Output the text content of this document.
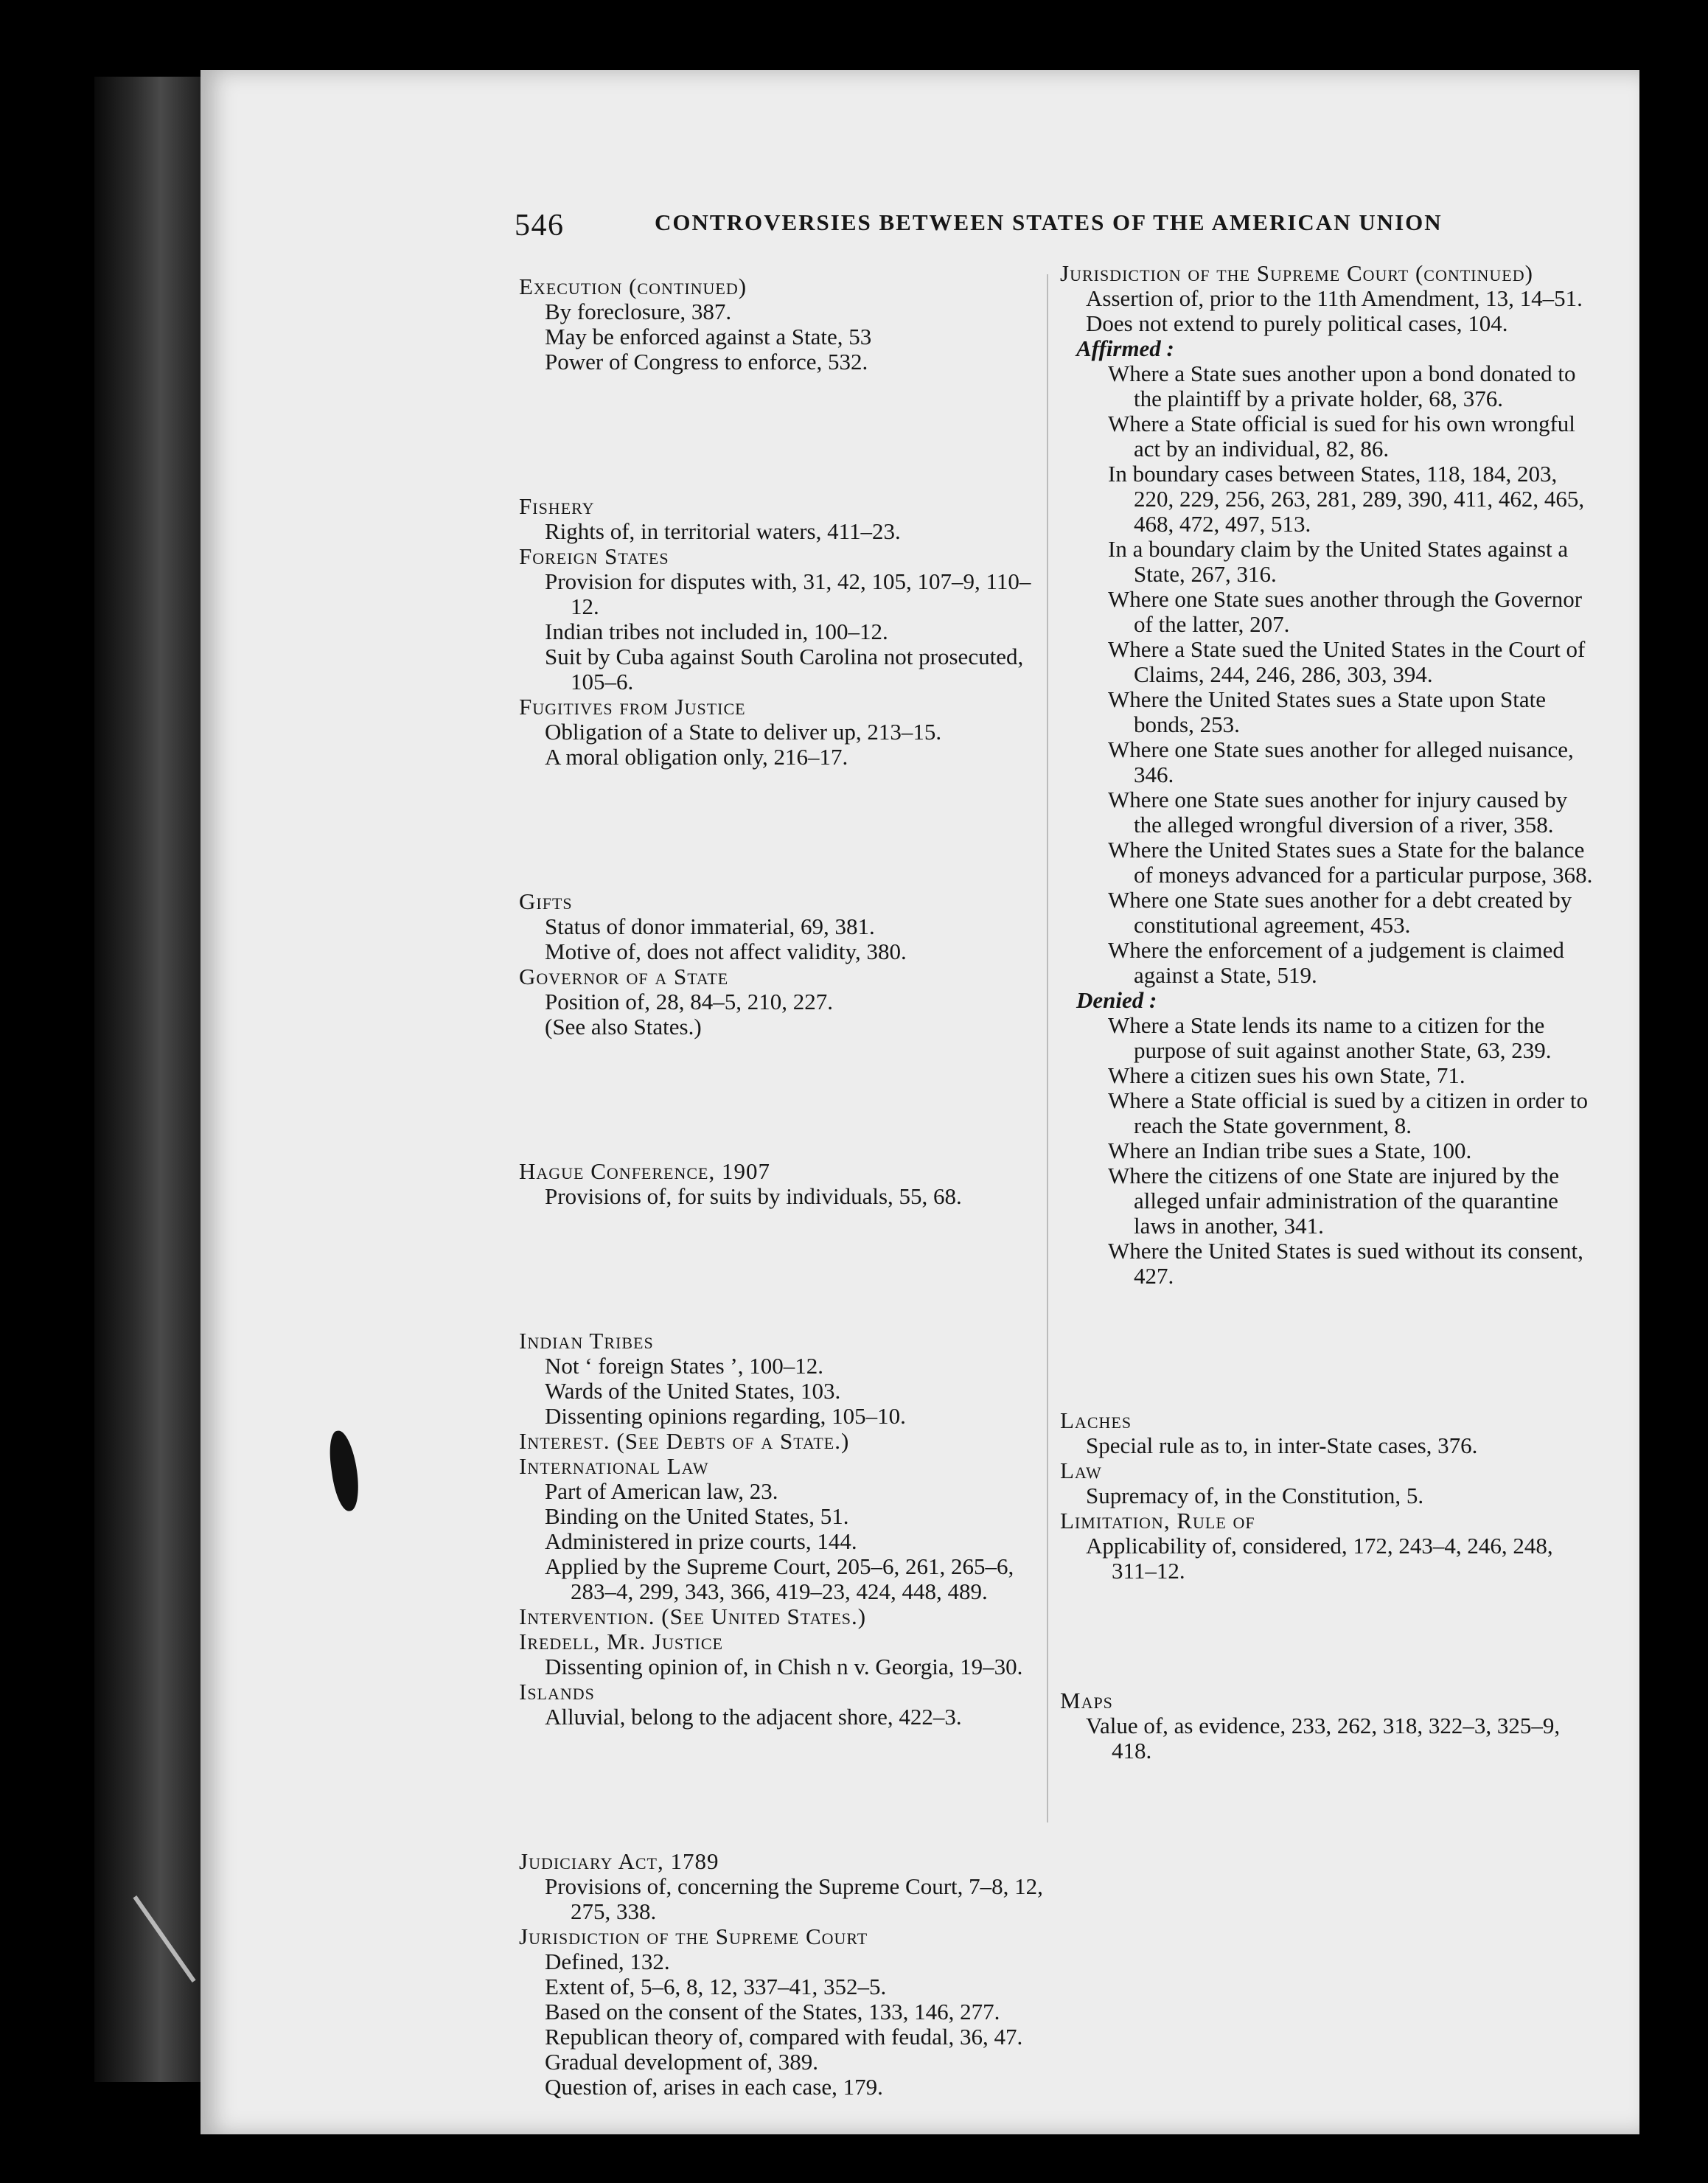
546	CONTROVERSIES BETWEEN STATES OF THE AMERICAN UNION

Execution (continued)

By foreclosure, 387.

May be enforced against a State, 53

Power of Congress to enforce, 532.

Fishery

Rights of, in territorial waters, 411–23.

Foreign States

Provision for disputes with, 31, 42, 105, 107–9, 110–12.

Indian tribes not included in, 100–12.

Suit by Cuba against South Carolina not prosecuted, 105–6.

Fugitives from Justice

Obligation of a State to deliver up, 213–15.

A moral obligation only, 216–17.

Gifts

Status of donor immaterial, 69, 381.

Motive of, does not affect validity, 380.

Governor of a State

Position of, 28, 84–5, 210, 227.

(See also States.)

Hague Conference, 1907

Provisions of, for suits by individuals, 55, 68.

Indian Tribes

Not ‘ foreign States ’, 100–12.

Wards of the United States, 103.

Dissenting opinions regarding, 105–10.

Interest. (See Debts of a State.)

International Law

Part of American law, 23.

Binding on the United States, 51.

Administered in prize courts, 144.

Applied by the Supreme Court, 205–6, 261, 265–6, 283–4, 299, 343, 366, 419–23, 424, 448, 489.

Intervention. (See United States.)

Iredell, Mr. Justice

Dissenting opinion of, in Chish n v. Georgia, 19–30.

Islands

Alluvial, belong to the adjacent shore, 422–3.

Judiciary Act, 1789

Provisions of, concerning the Supreme Court, 7–8, 12, 275, 338.

Jurisdiction of the Supreme Court

Defined, 132.

Extent of, 5–6, 8, 12, 337–41, 352–5.

Based on the consent of the States, 133, 146, 277.

Republican theory of, compared with feudal, 36, 47.

Gradual development of, 389.

Question of, arises in each case, 179.

Jurisdiction of the Supreme Court (continued)

Assertion of, prior to the 11th Amendment, 13, 14–51.

Does not extend to purely political cases, 104.

Affirmed :

Where a State sues another upon a bond donated to the plaintiff by a private holder, 68, 376.

Where a State official is sued for his own wrongful act by an individual, 82, 86.

In boundary cases between States, 118, 184, 203, 220, 229, 256, 263, 281, 289, 390, 411, 462, 465, 468, 472, 497, 513.

In a boundary claim by the United States against a State, 267, 316.

Where one State sues another through the Governor of the latter, 207.

Where a State sued the United States in the Court of Claims, 244, 246, 286, 303, 394.

Where the United States sues a State upon State bonds, 253.

Where one State sues another for alleged nuisance, 346.

Where one State sues another for injury caused by the alleged wrongful diversion of a river, 358.

Where the United States sues a State for the balance of moneys advanced for a particular purpose, 368.

Where one State sues another for a debt created by constitutional agreement, 453.

Where the enforcement of a judgement is claimed against a State, 519.

Denied :

Where a State lends its name to a citizen for the purpose of suit against another State, 63, 239.

Where a citizen sues his own State, 71.

Where a State official is sued by a citizen in order to reach the State government, 8.

Where an Indian tribe sues a State, 100.

Where the citizens of one State are injured by the alleged unfair administration of the quarantine laws in another, 341.

Where the United States is sued without its consent, 427.

Laches

Special rule as to, in inter-State cases, 376.

Law

Supremacy of, in the Constitution, 5.

Limitation, Rule of

Applicability of, considered, 172, 243–4, 246, 248, 311–12.

Maps

Value of, as evidence, 233, 262, 318, 322–3, 325–9, 418.
